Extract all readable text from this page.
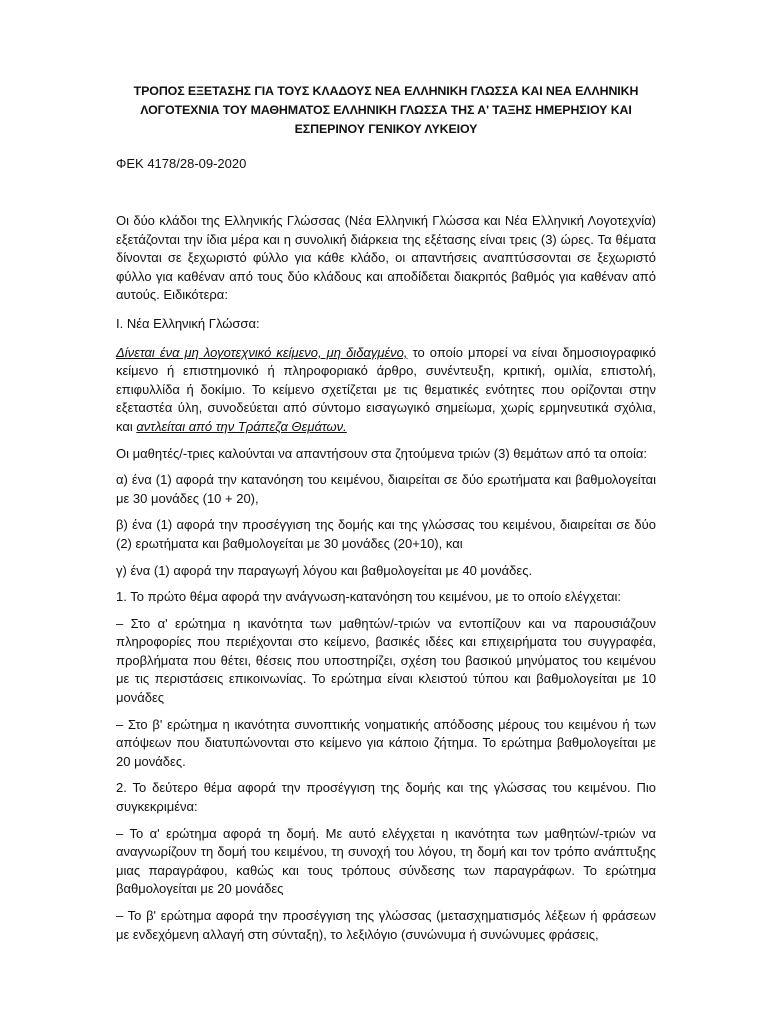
ΤΡΟΠΟΣ ΕΞΕΤΑΣΗΣ ΓΙΑ ΤΟΥΣ ΚΛΑΔΟΥΣ ΝΕΑ ΕΛΛΗΝΙΚΗ ΓΛΩΣΣΑ ΚΑΙ ΝΕΑ ΕΛΛΗΝΙΚΗ
ΛΟΓΟΤΕΧΝΙΑ ΤΟΥ ΜΑΘΗΜΑΤΟΣ ΕΛΛΗΝΙΚΗ ΓΛΩΣΣΑ ΤΗΣ Α' ΤΑΞΗΣ ΗΜΕΡΗΣΙΟΥ ΚΑΙ
ΕΣΠΕΡΙΝΟΥ ΓΕΝΙΚΟΥ ΛΥΚΕΙΟΥ
ΦΕΚ 4178/28-09-2020

Οι δύο κλάδοι της Ελληνικής Γλώσσας (Νέα Ελληνική Γλώσσα και Νέα Ελληνική Λογοτεχνία) εξετάζονται την ίδια μέρα και η συνολική διάρκεια της εξέτασης είναι τρεις (3) ώρες. Τα θέματα δίνονται σε ξεχωριστό φύλλο για κάθε κλάδο, οι απαντήσεις αναπτύσσονται σε ξεχωριστό φύλλο για καθέναν από τους δύο κλάδους και αποδίδεται διακριτός βαθμός για καθέναν από αυτούς. Ειδικότερα:

Ι. Νέα Ελληνική Γλώσσα:

Δίνεται ένα μη λογοτεχνικό κείμενο, μη διδαγμένο, το οποίο μπορεί να είναι δημοσιογραφικό κείμενο ή επιστημονικό ή πληροφοριακό άρθρο, συνέντευξη, κριτική, ομιλία, επιστολή, επιφυλλίδα ή δοκίμιο. Το κείμενο σχετίζεται με τις θεματικές ενότητες που ορίζονται στην εξεταστέα ύλη, συνοδεύεται από σύντομο εισαγωγικό σημείωμα, χωρίς ερμηνευτικά σχόλια, και αντλείται από την Τράπεζα Θεμάτων.

Οι μαθητές/-τριες καλούνται να απαντήσουν στα ζητούμενα τριών (3) θεμάτων από τα οποία:

α) ένα (1) αφορά την κατανόηση του κειμένου, διαιρείται σε δύο ερωτήματα και βαθμολογείται με 30 μονάδες (10 + 20),

β) ένα (1) αφορά την προσέγγιση της δομής και της γλώσσας του κειμένου, διαιρείται σε δύο (2) ερωτήματα και βαθμολογείται με 30 μονάδες (20+10), και

γ) ένα (1) αφορά την παραγωγή λόγου και βαθμολογείται με 40 μονάδες.

1. Το πρώτο θέμα αφορά την ανάγνωση-κατανόηση του κειμένου, με το οποίο ελέγχεται:

– Στο α' ερώτημα η ικανότητα των μαθητών/-τριών να εντοπίζουν και να παρουσιάζουν πληροφορίες που περιέχονται στο κείμενο, βασικές ιδέες και επιχειρήματα του συγγραφέα, προβλήματα που θέτει, θέσεις που υποστηρίζει, σχέση του βασικού μηνύματος του κειμένου με τις περιστάσεις επικοινωνίας. Το ερώτημα είναι κλειστού τύπου και βαθμολογείται με 10 μονάδες

– Στο β' ερώτημα η ικανότητα συνοπτικής νοηματικής απόδοσης μέρους του κειμένου ή των απόψεων που διατυπώνονται στο κείμενο για κάποιο ζήτημα. Το ερώτημα βαθμολογείται με 20 μονάδες.

2. Το δεύτερο θέμα αφορά την προσέγγιση της δομής και της γλώσσας του κειμένου. Πιο συγκεκριμένα:

– Το α' ερώτημα αφορά τη δομή. Με αυτό ελέγχεται η ικανότητα των μαθητών/-τριών να αναγνωρίζουν τη δομή του κειμένου, τη συνοχή του λόγου, τη δομή και τον τρόπο ανάπτυξης μιας παραγράφου, καθώς και τους τρόπους σύνδεσης των παραγράφων. Το ερώτημα βαθμολογείται με 20 μονάδες

– Το β' ερώτημα αφορά την προσέγγιση της γλώσσας (μετασχηματισμός λέξεων ή φράσεων με ενδεχόμενη αλλαγή στη σύνταξη), το λεξιλόγιο (συνώνυμα ή συνώνυμες φράσεις,
